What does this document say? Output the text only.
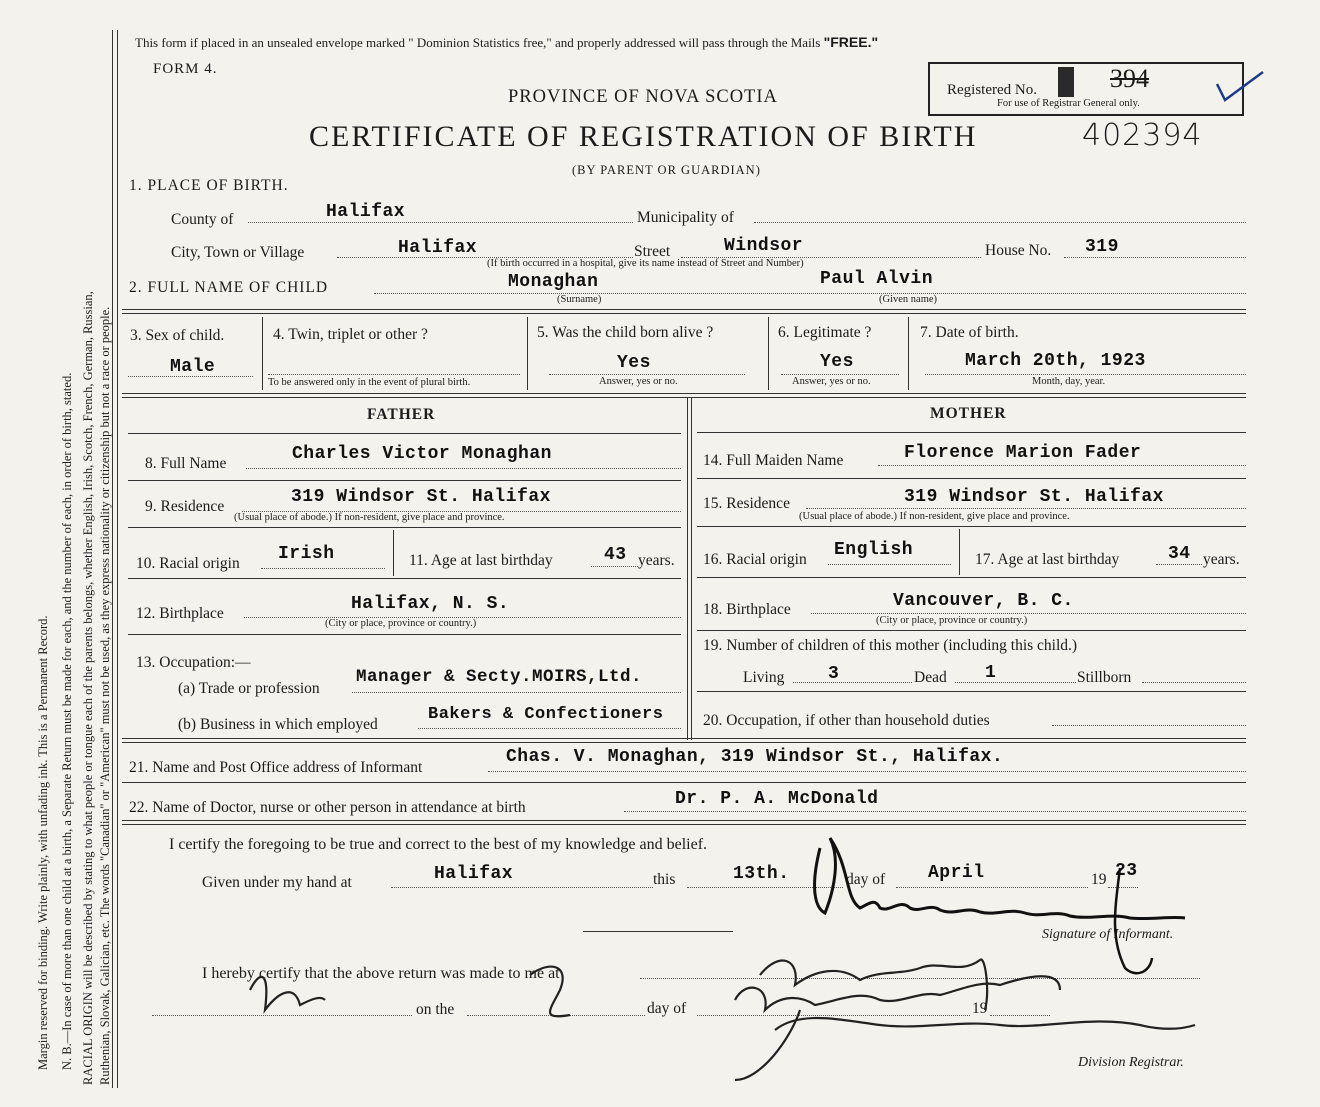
Margin reserved for binding. Write plainly, with unfading ink. This is a Permanent Record. N. B.—In case of more than one child at a birth, a Separate Return must be made for each, and the number of each, in order of birth, stated. RACIAL ORIGIN will be described by stating to what people or tongue each of the parents belongs, whether English, Irish, Scotch, French, German, Russian, Ruthenian, Slovak, Galician, etc. The words "Canadian" or "American" must not be used, as they express nationality or citizenship but not a race or people.
This form if placed in an unsealed envelope marked " Dominion Statistics free," and properly addressed will pass through the Mails "FREE."
FORM 4.
PROVINCE OF NOVA SCOTIA
CERTIFICATE OF REGISTRATION OF BIRTH	402394
(BY PARENT OR GUARDIAN)
Registered No.	394
For use of Registrar General only.
1. PLACE OF BIRTH.
County of	Halifax	Municipality of
City, Town or Village	Halifax	Street	Windsor	House No. 319
(If birth occurred in a hospital, give its name instead of Street and Number)
2. FULL NAME OF CHILD	Monaghan
(Surname)
Paul Alvin
(Given name)
3. Sex of child.
Male
4. Twin, triplet or other ?
To be answered only in the event of plural birth.
5. Was the child born alive ?
Yes
Answer, yes or no.
6. Legitimate ?
Yes
Answer, yes or no.
7. Date of birth.
March 20th, 1923
Month, day, year.
FATHER	MOTHER
8. Full Name	Charles Victor Monaghan
9. Residence	319 Windsor St. Halifax
(Usual place of abode.) If non-resident, give place and province.
10. Racial origin Irish	11. Age at last birthday	43 years.
12. Birthplace	Halifax, N. S.
(City or place, province or country.)
13. Occupation:—
(a) Trade or profession
Manager & Secty.MOIRS,Ltd.
(b) Business in which employed
Bakers & Confectioners
14. Full Maiden Name	Florence Marion Fader
15. Residence	319 Windsor St. Halifax
(Usual place of abode.) If non-resident, give place and province.
16. Racial origin English	17. Age at last birthday	34 years.
18. Birthplace	Vancouver, B. C.
(City or place, province or country.)
19. Number of children of this mother (including this child.)
Living 3	Dead 1	Stillborn
20. Occupation, if other than household duties
21. Name and Post Office address of Informant
Chas. V. Monaghan, 319 Windsor St., Halifax.
22. Name of Doctor, nurse or other person in attendance at birth	Dr. P. A. McDonald
I certify the foregoing to be true and correct to the best of my knowledge and belief.
Given under my hand at	Halifax	this	13th.	day of April	19 23
Signature of Informant.
I hereby certify that the above return was made to me at
on the	day of	19
Division Registrar.
